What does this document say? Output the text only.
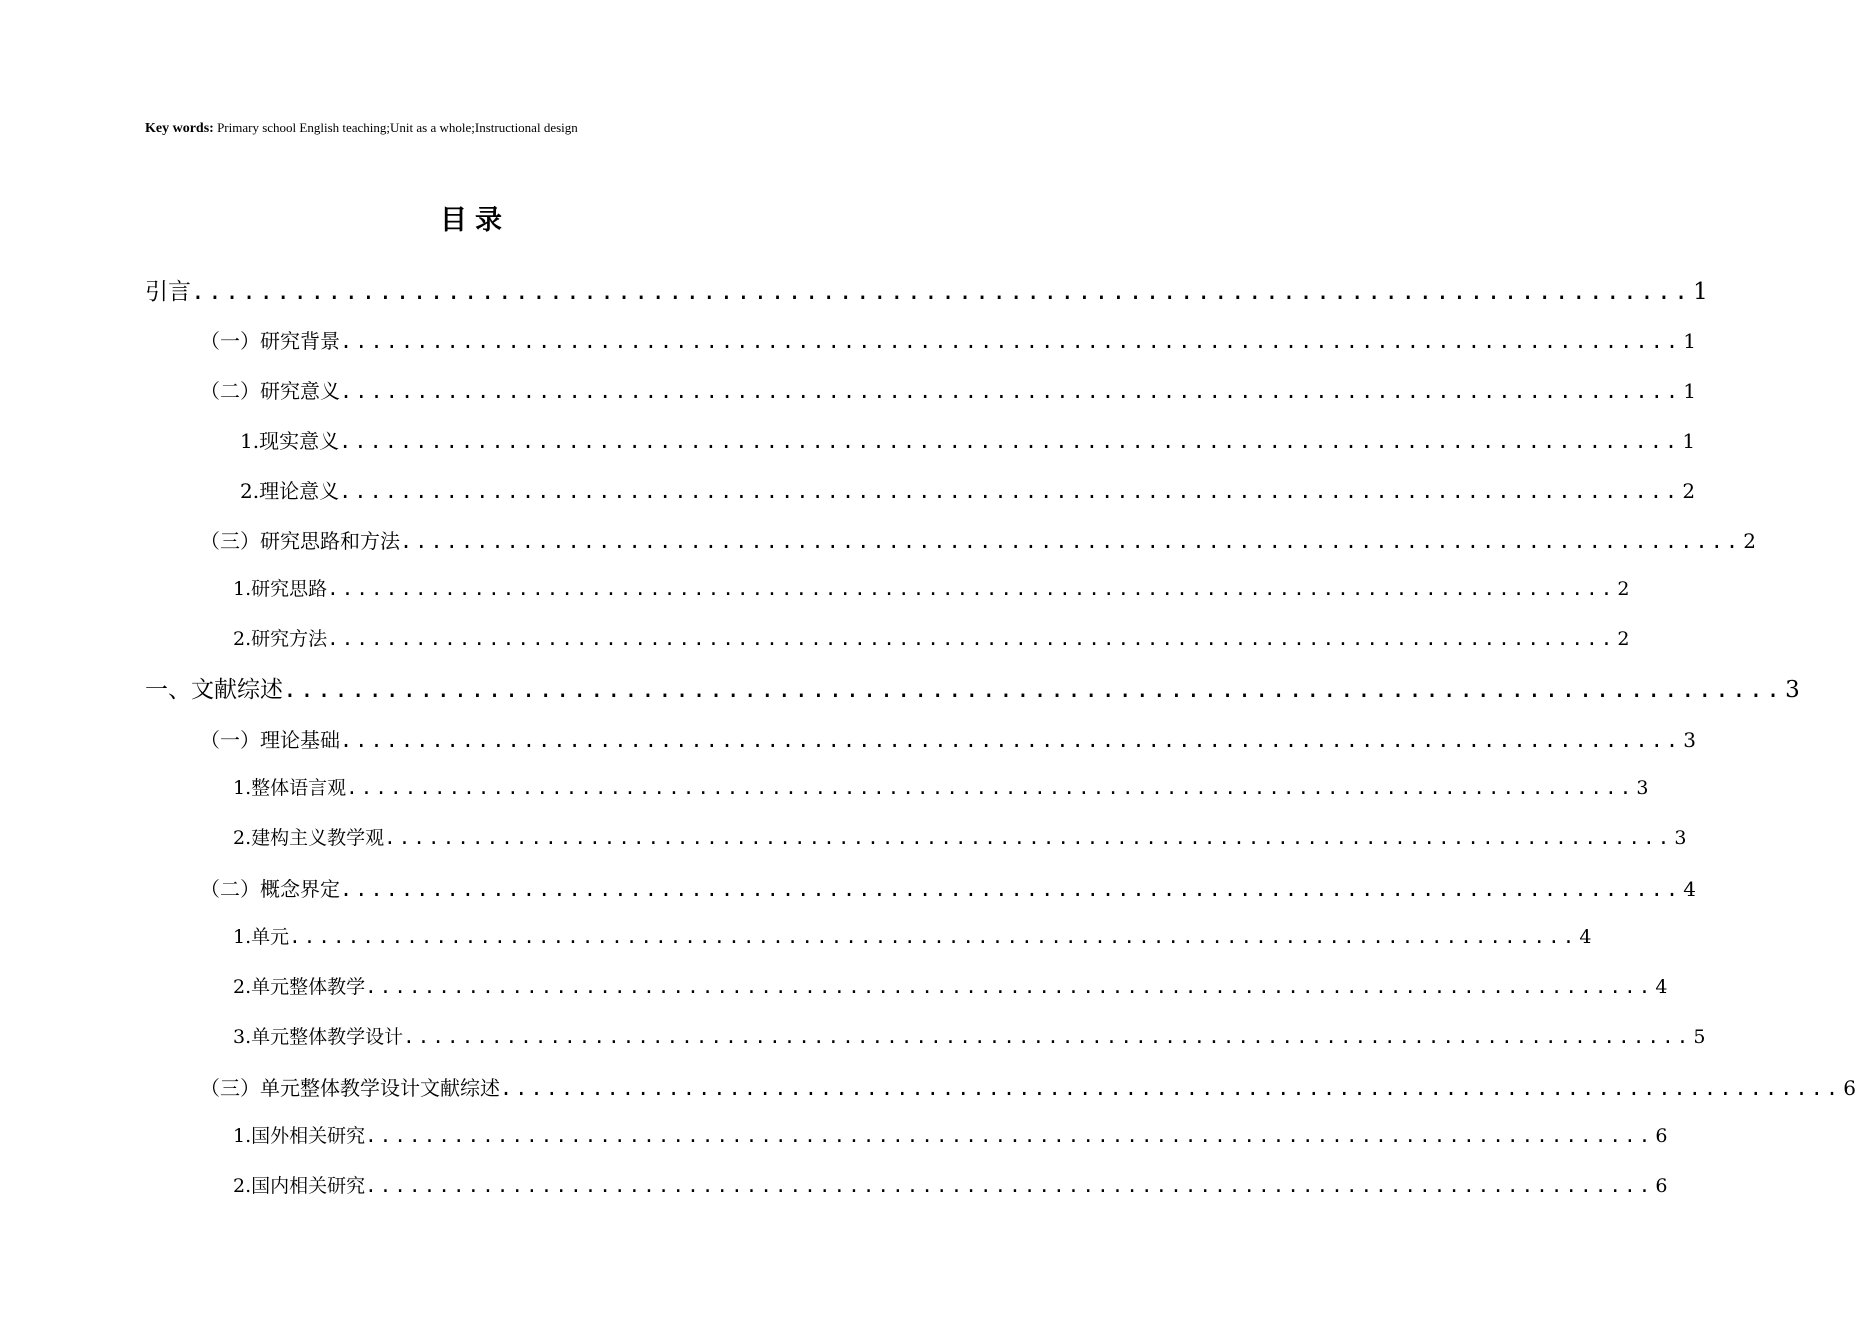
Key words: Primary school English teaching;Unit as a whole;Instructional design
目录
引言 ........................................................................................ 1
（一）研究背景 ........................................................................................ 1
（二）研究意义 ........................................................................................ 1
1.现实意义 ........................................................................................ 1
2.理论意义 ........................................................................................ 2
（三）研究思路和方法 ........................................................................................ 2
1.研究思路 ........................................................................................ 2
2.研究方法 ........................................................................................ 2
一、文献综述 ........................................................................................ 3
（一）理论基础 ........................................................................................ 3
1.整体语言观 ........................................................................................ 3
2.建构主义教学观 ........................................................................................ 3
（二）概念界定 ........................................................................................ 4
1.单元 ........................................................................................ 4
2.单元整体教学 ........................................................................................ 4
3.单元整体教学设计 ........................................................................................ 5
（三）单元整体教学设计文献综述 ........................................................................................ 6
1.国外相关研究 ........................................................................................ 6
2.国内相关研究 ........................................................................................ 6
